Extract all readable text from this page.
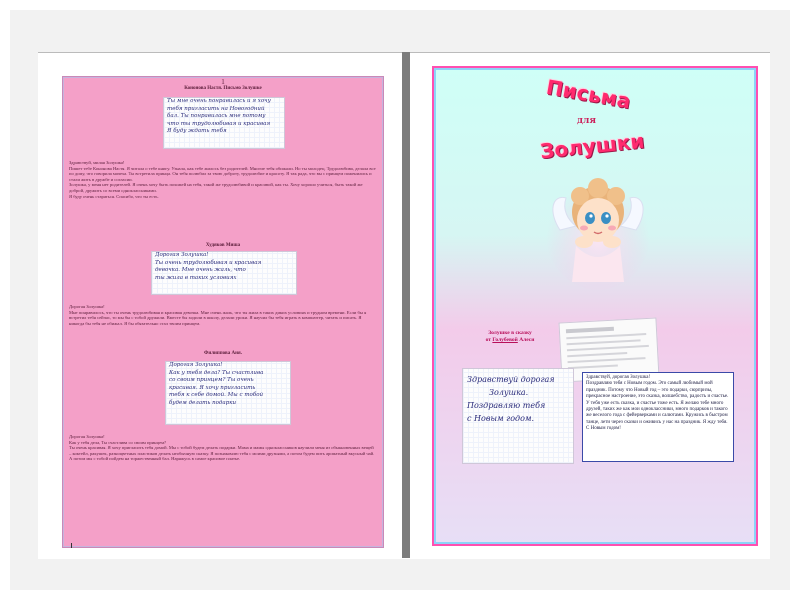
1
Кононова Настя. Письмо Золушке
Ты мне очень понравилась и я хочу
тебя пригласить на Новогодний
бал. Ты понравилась мне потому
что ты трудолюбивая и красивая
Я буду ждать тебя
Здравствуй, милая Золушка!
Пишет тебе Кононова Настя. Я читала о тебе книгу. Узнала, как тебе жилось без родителей. Многие тебя обижали. Но ты молодец. Трудолюбива, делала все по дому, что говорила мачеха. Ты встретила принца. Он тебя полюбил за твою доброту, трудолюбие и красоту. Я так рада, что вы с принцем поженились и стали жить в дружбе и согласии.
Золушка, у меня нет родителей. Я очень хочу быть похожей на тебя, такой же трудолюбивой и красивой, как ты. Хочу хорошо учиться, быть такой же доброй, дружить со всеми одноклассниками.
Я буду очень стараться. Спасибо, что ты есть.
Худяков Миша
Дорогая Золушка!
Ты очень трудолюбивая и красивая
девочка. Мне очень жаль, что
ты жила в таких условиях
Дорогая Золушка!
Мне понравилось, что ты очень трудолюбивая и красивая девочка. Мне очень жаль, что ты жила в таких диких условиях и трудном времени. Если бы я встретил тебя сейчас, то мы бы с тобой дружили. Вместе бы ходили в школу, делали уроки. Я научил бы тебя играть в компьютер, читать и писать. Я никогда бы тебя не обижал. Я бы обязательно стал твоим принцем.
Филиппова Аня.
Дорогая Золушка!
Как у тебя дела? Ты счастлива
со своим принцем? Ты очень
красивая. Я хочу пригласить
тебя к себе домой. Мы с тобой
будем делать подарки
Дорогая Золушка!
Как у тебя дела, Ты счастлива со своим принцем?
Ты очень красивая. Я хочу пригласить тебя домой. Мы с тобой будем делать подарки. Мама и мамы одноклассников научили меня из обыкновенных вещей – коктейл, ракушек, разноцветных пластиков делать необычную сказку. Я познакомлю тебя с моими друзьями, а потом будем пить ароматный вкусный чай. А потом мы с тобой пойдем на торжественный бал. Наряжусь в самое красивое платье.
Письма
для
Золушки
Золушке в сказку
от Голубевой Алеси
Здравствуй дорогая
Золушка.
Поздравляю тебя
с Новым годом.
Здравствуй, дорогая Золушка!
Поздравляю тебя с Новым годом. Это самый любимый мой праздник. Потому что Новый год – это подарки, сюрпризы, прекрасное настроение, это сказка, волшебство, радость и счастье.
У тебя уже есть сказка, и счастье тоже есть. Я желаю тебе много друзей, таких же как мои одноклассники, много подарков и такого же веселого года с фейерверками и салютами. Кружись в быстром танце, лети через сказки и оживись у нас на праздник. Я жду тебя. С Новым годом!
